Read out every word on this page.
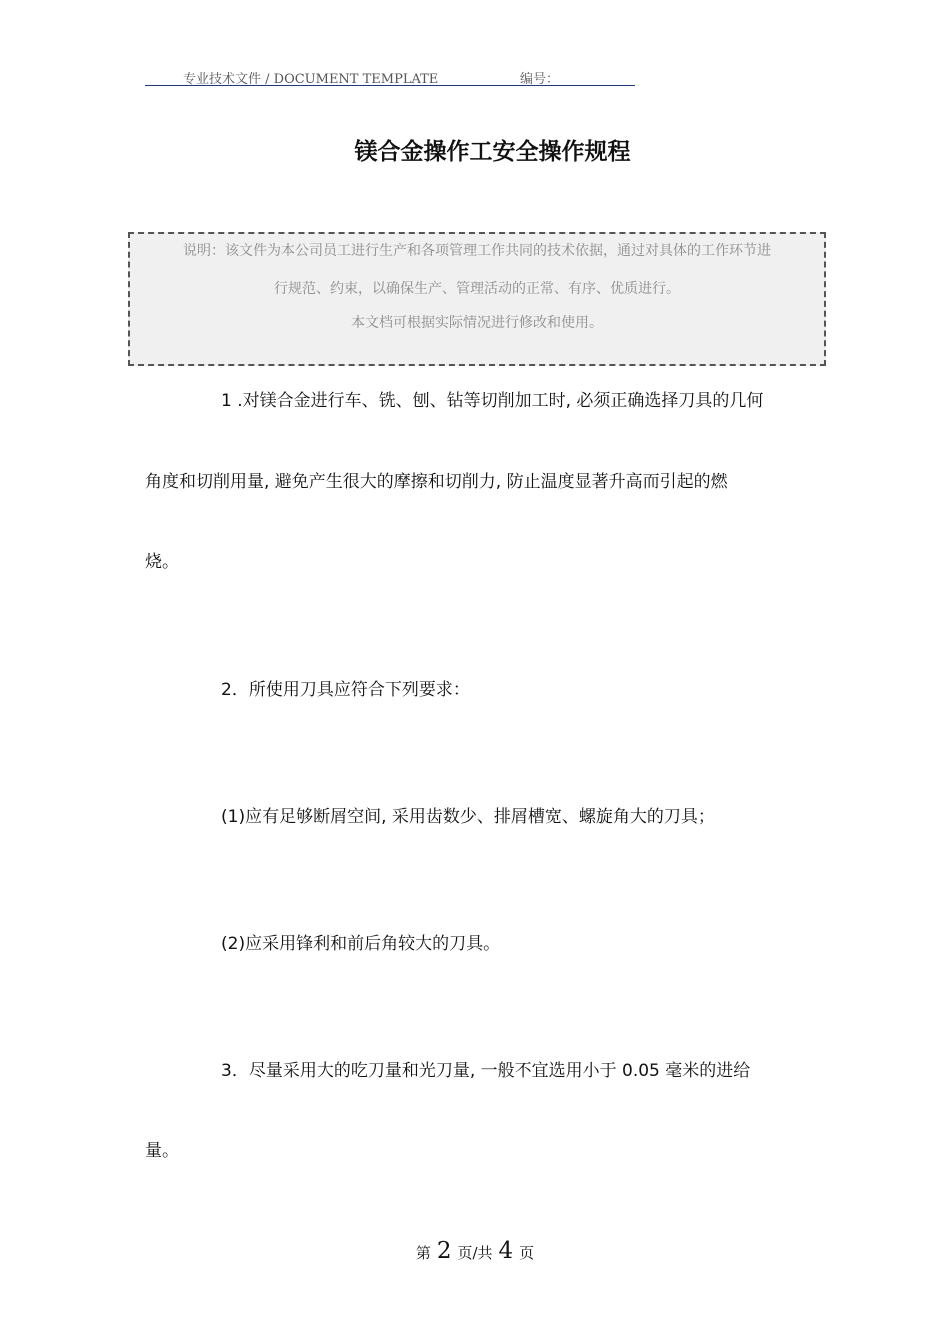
专业技术文件 / DOCUMENT TEMPLATE	编号：
镁合金操作工安全操作规程
说明：该文件为本公司员工进行生产和各项管理工作共同的技术依据，通过对具体的工作环节进
行规范、约束，以确保生产、管理活动的正常、有序、优质进行。
本文档可根据实际情况进行修改和使用。
1 .对镁合金进行车、铣、刨、钻等切削加工时, 必须正确选择刀具的几何
角度和切削用量, 避免产生很大的摩擦和切削力, 防止温度显著升高而引起的燃
烧。
2．所使用刀具应符合下列要求：
(1)应有足够断屑空间, 采用齿数少、排屑槽宽、螺旋角大的刀具；
(2)应采用锋利和前后角较大的刀具。
3．尽量采用大的吃刀量和光刀量, 一般不宜选用小于 0.05 毫米的进给
量。
第 2 页/共 4 页
